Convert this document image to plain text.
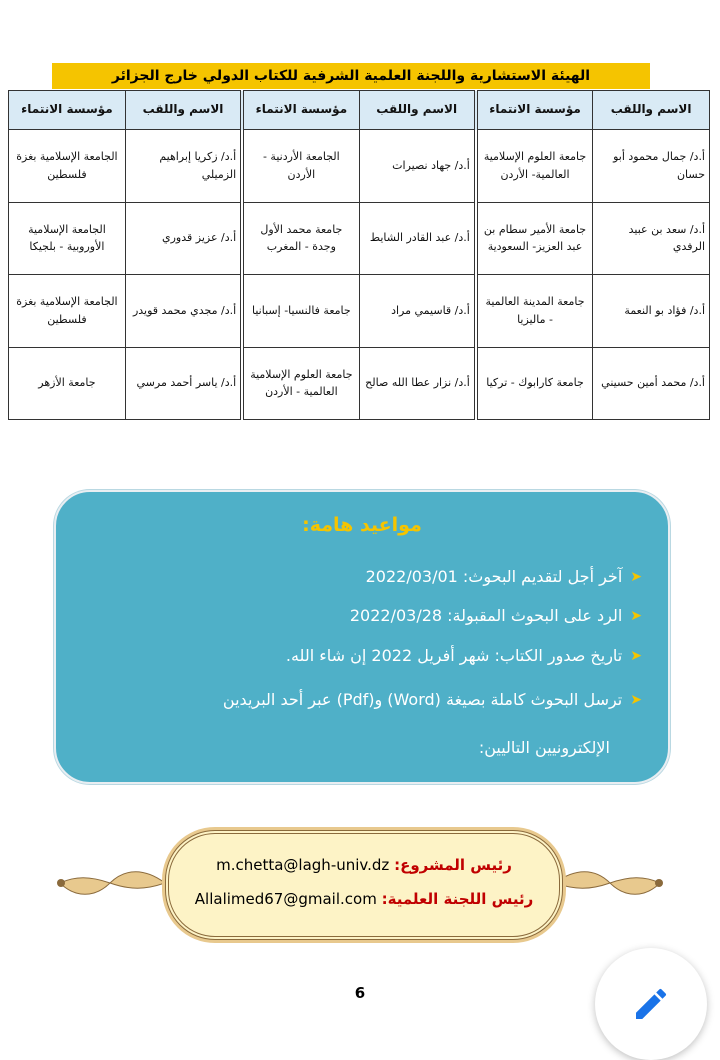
الهيئة الاستشارية واللجنة العلمية الشرفية للكتاب الدولي خارج الجزائر
الاسم واللقب	مؤسسة الانتماء	الاسم واللقب	مؤسسة الانتماء	الاسم واللقب	مؤسسة الانتماء
أ.د/ جمال محمود أبو حسان	جامعة العلوم الإسلامية العالمية- الأردن	أ.د/ جهاد نصيرات	الجامعة الأردنية - الأردن	أ.د/ زكريا إبراهيم الزميلي	الجامعة الإسلامية بغزة فلسطين
أ.د/ سعد بن عبيد الرفدي	جامعة الأمير سطام بن عبد العزيز- السعودية	أ.د/ عبد القادر الشايط	جامعة محمد الأول وجدة - المغرب	أ.د/ عزيز قدوري	الجامعة الإسلامية الأوروبية - بلجيكا
أ.د/ فؤاد بو النعمة	جامعة المدينة العالمية - ماليزيا	أ.د/ قاسيمي مراد	جامعة فالنسيا- إسبانيا	أ.د/ مجدي محمد قويدر	الجامعة الإسلامية بغزة فلسطين
أ.د/ محمد أمين حسيني	جامعة كارابوك - تركيا	أ.د/ نزار عطا الله صالح	جامعة العلوم الإسلامية العالمية - الأردن	أ.د/ ياسر أحمد مرسي	جامعة الأزهر
مواعيد هامة:
➤
آخر أجل لتقديم البحوث: 2022/03/01
➤
الرد على البحوث المقبولة: 2022/03/28
➤
تاريخ صدور الكتاب: شهر أفريل 2022 إن شاء الله.
➤
ترسل البحوث كاملة بصيغة (Word) و(Pdf) عبر أحد البريدين
الإلكترونيين التاليين:
رئيس المشروع: m.chetta@lagh-univ.dz
رئيس اللجنة العلمية: Allalimed67@gmail.com
6
